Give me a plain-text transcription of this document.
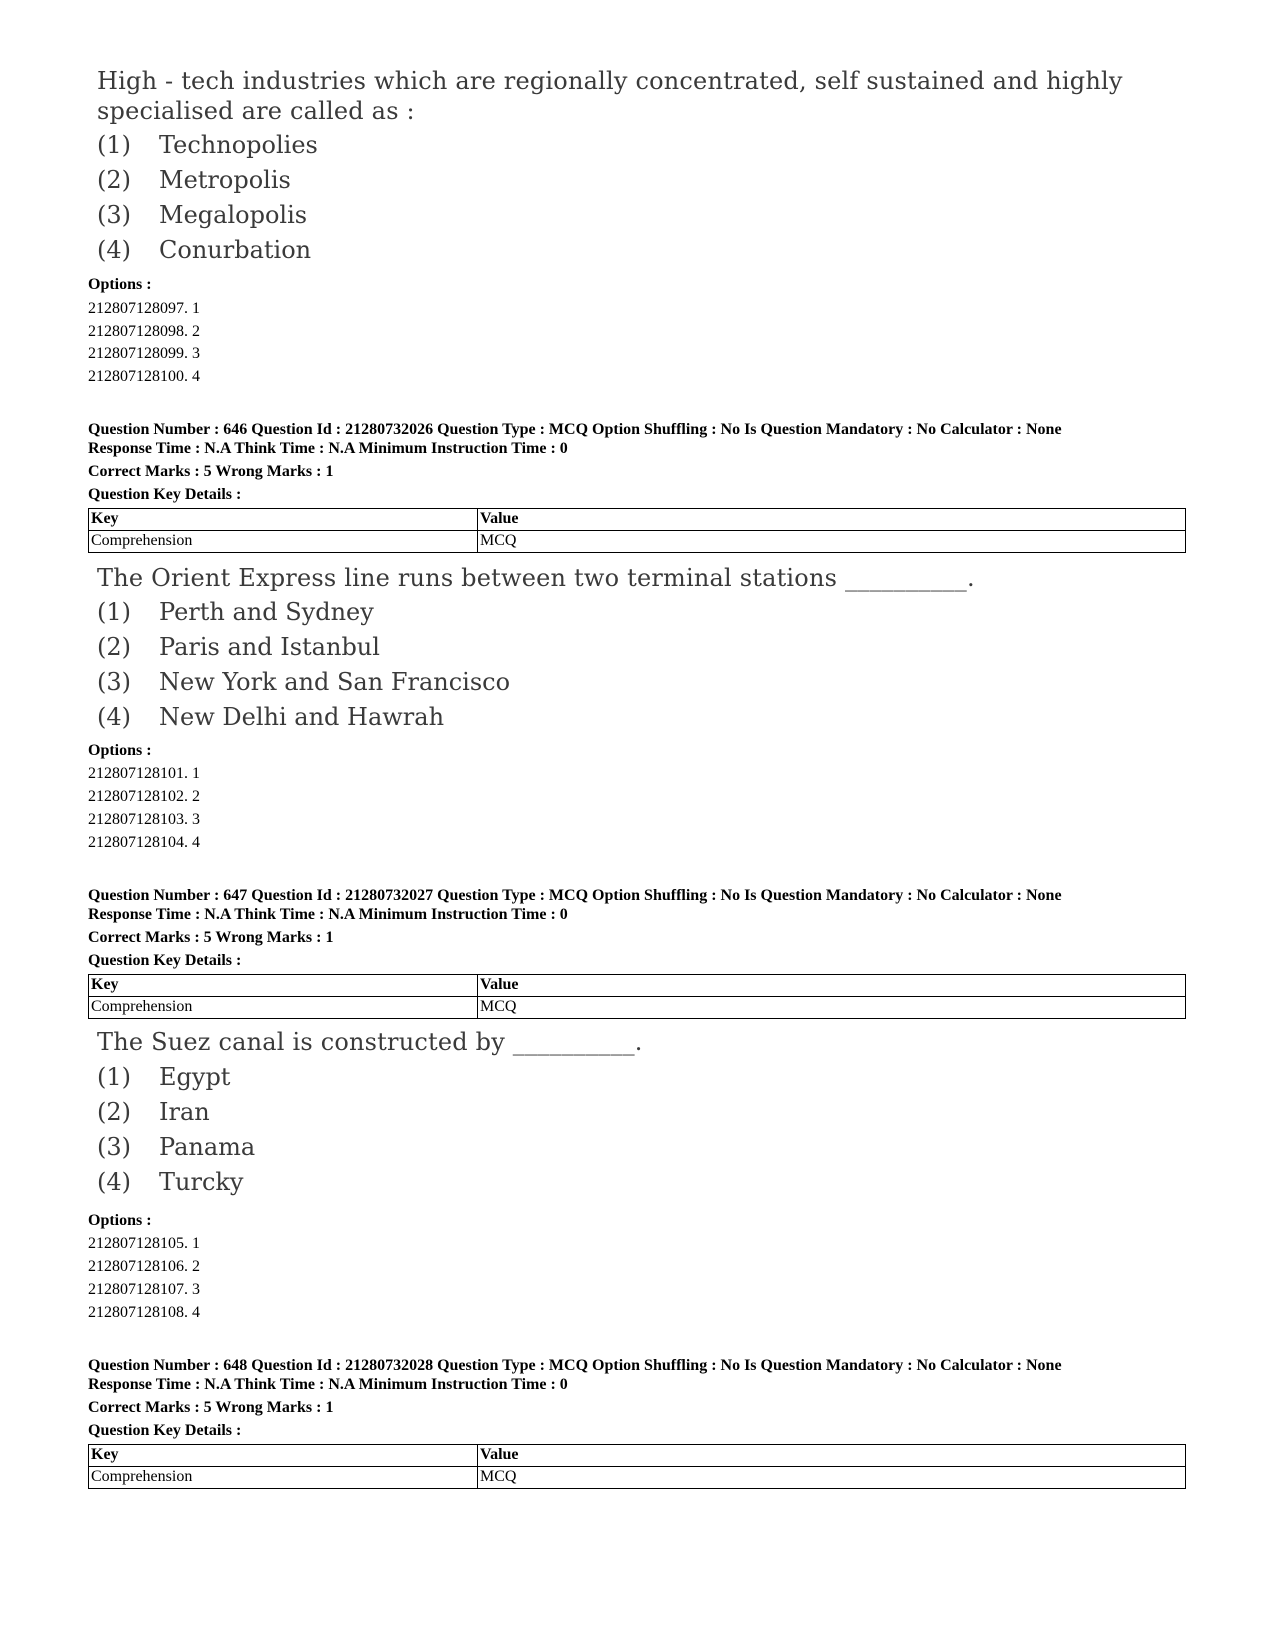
High - tech industries which are regionally concentrated, self sustained and highly specialised are called as :
(1) Technopolies
(2) Metropolis
(3) Megalopolis
(4) Conurbation
Options :
212807128097. 1
212807128098. 2
212807128099. 3
212807128100. 4
Question Number : 646 Question Id : 21280732026 Question Type : MCQ Option Shuffling : No Is Question Mandatory : No Calculator : None
Response Time : N.A Think Time : N.A Minimum Instruction Time : 0
Correct Marks : 5 Wrong Marks : 1
Question Key Details :
Key	Value
Comprehension	MCQ
The Orient Express line runs between two terminal stations __________.
(1) Perth and Sydney
(2) Paris and Istanbul
(3) New York and San Francisco
(4) New Delhi and Hawrah
Options :
212807128101. 1
212807128102. 2
212807128103. 3
212807128104. 4
Question Number : 647 Question Id : 21280732027 Question Type : MCQ Option Shuffling : No Is Question Mandatory : No Calculator : None
Response Time : N.A Think Time : N.A Minimum Instruction Time : 0
Correct Marks : 5 Wrong Marks : 1
Question Key Details :
Key	Value
Comprehension	MCQ
The Suez canal is constructed by __________.
(1) Egypt
(2) Iran
(3) Panama
(4) Turcky
Options :
212807128105. 1
212807128106. 2
212807128107. 3
212807128108. 4
Question Number : 648 Question Id : 21280732028 Question Type : MCQ Option Shuffling : No Is Question Mandatory : No Calculator : None
Response Time : N.A Think Time : N.A Minimum Instruction Time : 0
Correct Marks : 5 Wrong Marks : 1
Question Key Details :
Key	Value
Comprehension	MCQ
